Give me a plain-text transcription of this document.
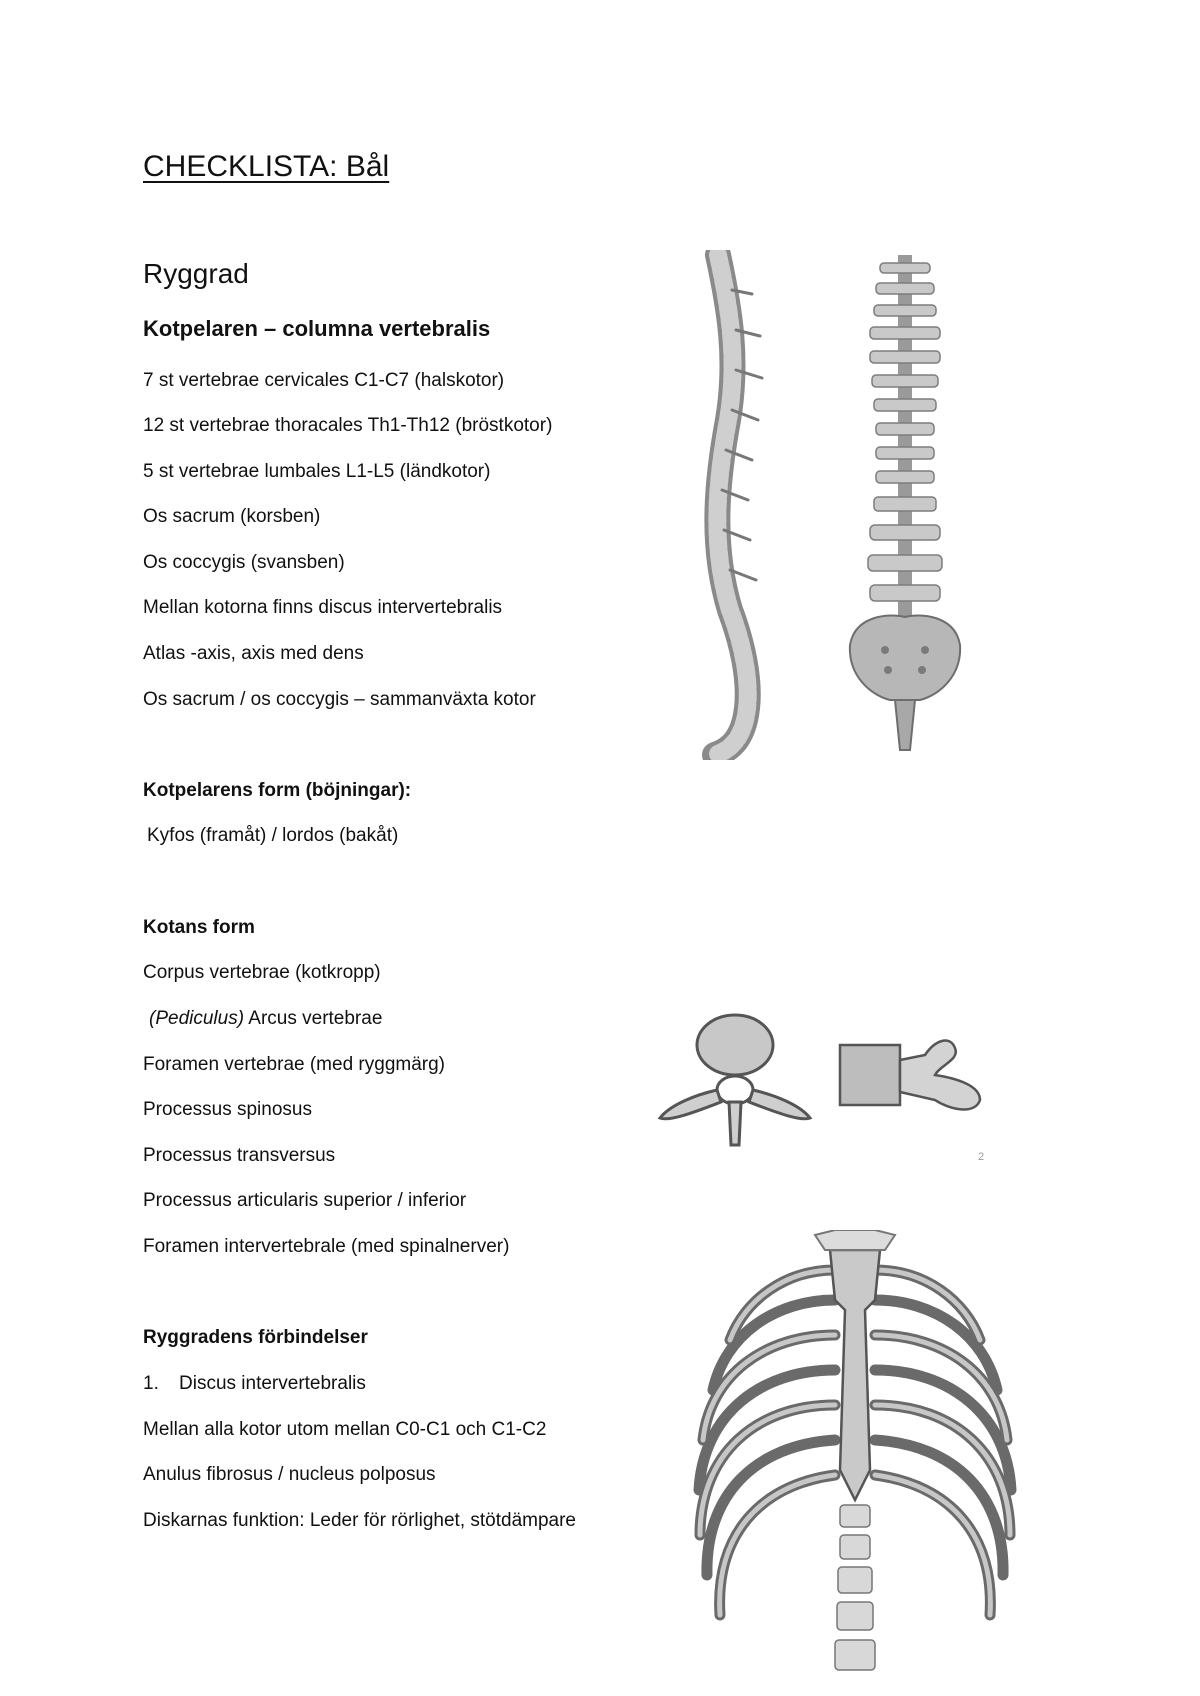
CHECKLISTA: Bål
Ryggrad
Kotpelaren – columna vertebralis
7 st vertebrae cervicales C1-C7 (halskotor)
12 st vertebrae thoracales Th1-Th12 (bröstkotor)
5 st vertebrae lumbales L1-L5 (ländkotor)
Os sacrum (korsben)
Os coccygis (svansben)
Mellan kotorna finns discus intervertebralis
Atlas -axis, axis med dens
Os sacrum / os coccygis – sammanväxta kotor
Kotpelarens form (böjningar):
Kyfos (framåt) / lordos (bakåt)
Kotans form
Corpus vertebrae (kotkropp)
(Pediculus) Arcus vertebrae
Foramen vertebrae (med ryggmärg)
Processus spinosus
Processus transversus
Processus articularis superior / inferior
Foramen intervertebrale (med spinalnerver)
Ryggradens förbindelser
1. Discus intervertebralis
Mellan alla kotor utom mellan C0-C1 och C1-C2
Anulus fibrosus / nucleus polposus
Diskarnas funktion: Leder för rörlighet, stötdämpare
2
